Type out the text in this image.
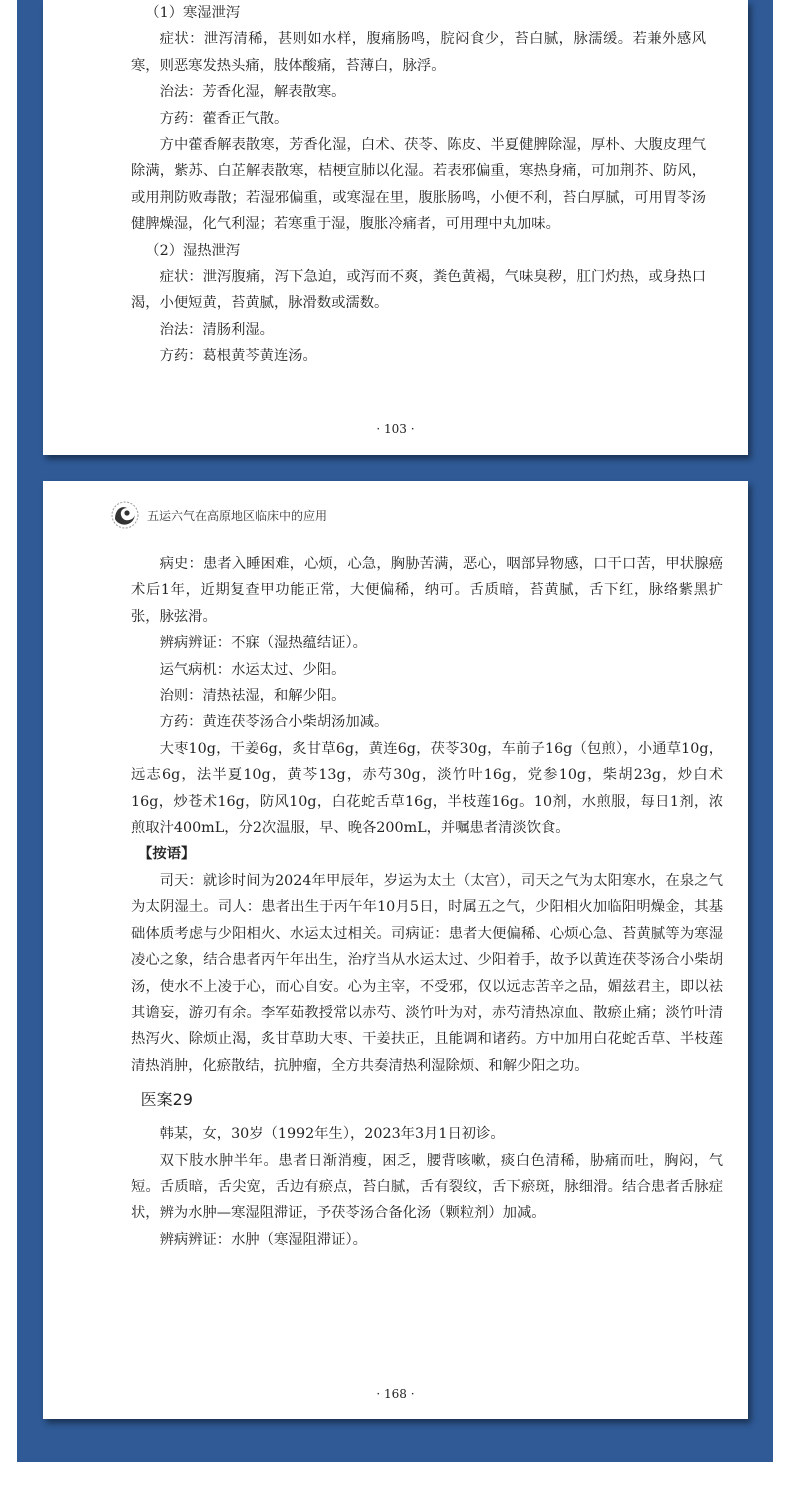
（1）寒湿泄泻

症状：泄泻清稀，甚则如水样，腹痛肠鸣，脘闷食少，苔白腻，脉濡缓。若兼外感风寒，则恶寒发热头痛，肢体酸痛，苔薄白，脉浮。

治法：芳香化湿，解表散寒。

方药：藿香正气散。

方中藿香解表散寒，芳香化湿，白术、茯苓、陈皮、半夏健脾除湿，厚朴、大腹皮理气除满，紫苏、白芷解表散寒，桔梗宣肺以化湿。若表邪偏重，寒热身痛，可加荆芥、防风，或用荆防败毒散；若湿邪偏重，或寒湿在里，腹胀肠鸣，小便不利，苔白厚腻，可用胃苓汤健脾燥湿，化气利湿；若寒重于湿，腹胀冷痛者，可用理中丸加味。

（2）湿热泄泻

症状：泄泻腹痛，泻下急迫，或泻而不爽，粪色黄褐，气味臭秽，肛门灼热，或身热口渴，小便短黄，苔黄腻，脉滑数或濡数。

治法：清肠利湿。

方药：葛根黄芩黄连汤。

· 103 ·
五运六气在高原地区临床中的应用

病史：患者入睡困难，心烦，心急，胸胁苦满，恶心，咽部异物感，口干口苦，甲状腺癌术后1年，近期复查甲功能正常，大便偏稀，纳可。舌质暗，苔黄腻，舌下红，脉络紫黑扩张，脉弦滑。

辨病辨证：不寐（湿热蕴结证）。

运气病机：水运太过、少阳。

治则：清热祛湿，和解少阳。

方药：黄连茯苓汤合小柴胡汤加减。

大枣10g，干姜6g，炙甘草6g，黄连6g，茯苓30g，车前子16g（包煎），小通草10g，远志6g，法半夏10g，黄芩13g，赤芍30g，淡竹叶16g，党参10g，柴胡23g，炒白术16g，炒苍术16g，防风10g，白花蛇舌草16g，半枝莲16g。10剂，水煎服，每日1剂，浓煎取汁400mL，分2次温服，早、晚各200mL，并嘱患者清淡饮食。

【按语】

司天：就诊时间为2024年甲辰年，岁运为太土（太宫），司天之气为太阳寒水，在泉之气为太阴湿土。司人：患者出生于丙午年10月5日，时属五之气，少阳相火加临阳明燥金，其基础体质考虑与少阳相火、水运太过相关。司病证：患者大便偏稀、心烦心急、苔黄腻等为寒湿凌心之象，结合患者丙午年出生，治疗当从水运太过、少阳着手，故予以黄连茯苓汤合小柴胡汤，使水不上凌于心，而心自安。心为主宰，不受邪，仅以远志苦辛之品，媚兹君主，即以祛其谵妄，游刃有余。李军茹教授常以赤芍、淡竹叶为对，赤芍清热凉血、散瘀止痛；淡竹叶清热泻火、除烦止渴，炙甘草助大枣、干姜扶正，且能调和诸药。方中加用白花蛇舌草、半枝莲清热消肿，化瘀散结，抗肿瘤，全方共奏清热利湿除烦、和解少阳之功。

医案29

韩某，女，30岁（1992年生），2023年3月1日初诊。

双下肢水肿半年。患者日渐消瘦，困乏，腰背咳嗽，痰白色清稀，胁痛而吐，胸闷，气短。舌质暗，舌尖宽，舌边有瘀点，苔白腻，舌有裂纹，舌下瘀斑，脉细滑。结合患者舌脉症状，辨为水肿—寒湿阻滞证，予茯苓汤合备化汤（颗粒剂）加减。

辨病辨证：水肿（寒湿阻滞证）。

· 168 ·
